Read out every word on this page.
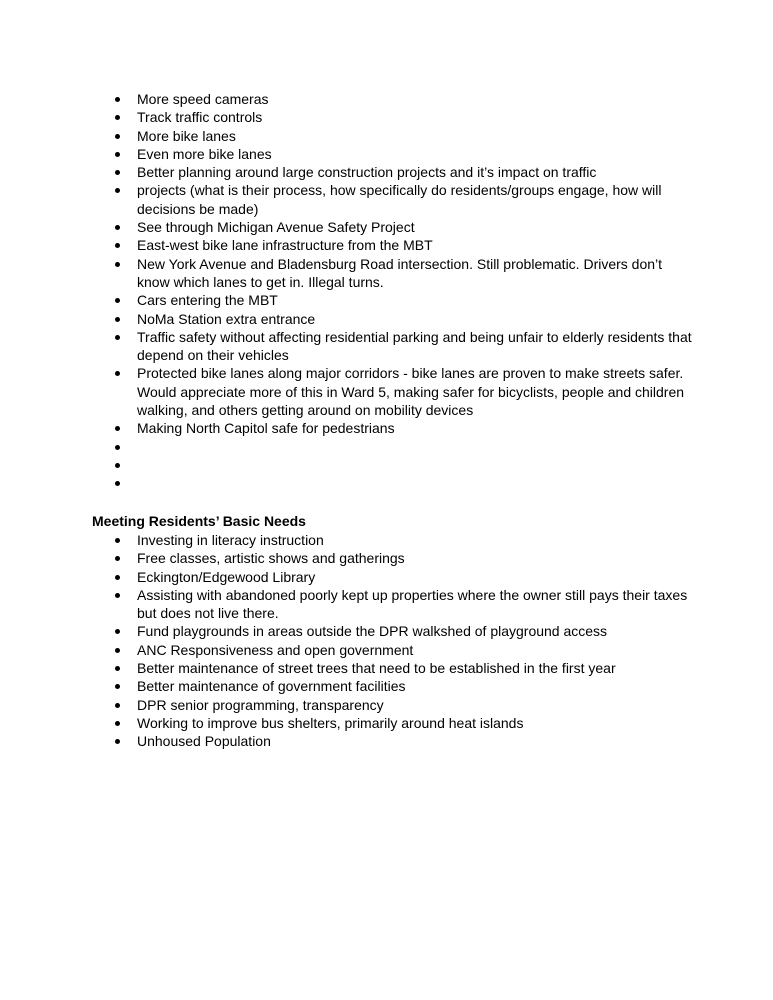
More speed cameras
Track traffic controls
More bike lanes
Even more bike lanes
Better planning around large construction projects and it’s impact on traffic
projects (what is their process, how specifically do residents/groups engage, how will decisions be made)
See through Michigan Avenue Safety Project
East-west bike lane infrastructure from the MBT
New York Avenue and Bladensburg Road intersection. Still problematic. Drivers don’t know which lanes to get in. Illegal turns.
Cars entering the MBT
NoMa Station extra entrance
Traffic safety without affecting residential parking and being unfair to elderly residents that depend on their vehicles
Protected bike lanes along major corridors - bike lanes are proven to make streets safer. Would appreciate more of this in Ward 5, making safer for bicyclists, people and children walking, and others getting around on mobility devices
Making North Capitol safe for pedestrians
Meeting Residents’ Basic Needs
Investing in literacy instruction
Free classes, artistic shows and gatherings
Eckington/Edgewood Library
Assisting with abandoned poorly kept up properties where the owner still pays their taxes but does not live there.
Fund playgrounds in areas outside the DPR walkshed of playground access
ANC Responsiveness and open government
Better maintenance of street trees that need to be established in the first year
Better maintenance of government facilities
DPR senior programming, transparency
Working to improve bus shelters, primarily around heat islands
Unhoused Population
